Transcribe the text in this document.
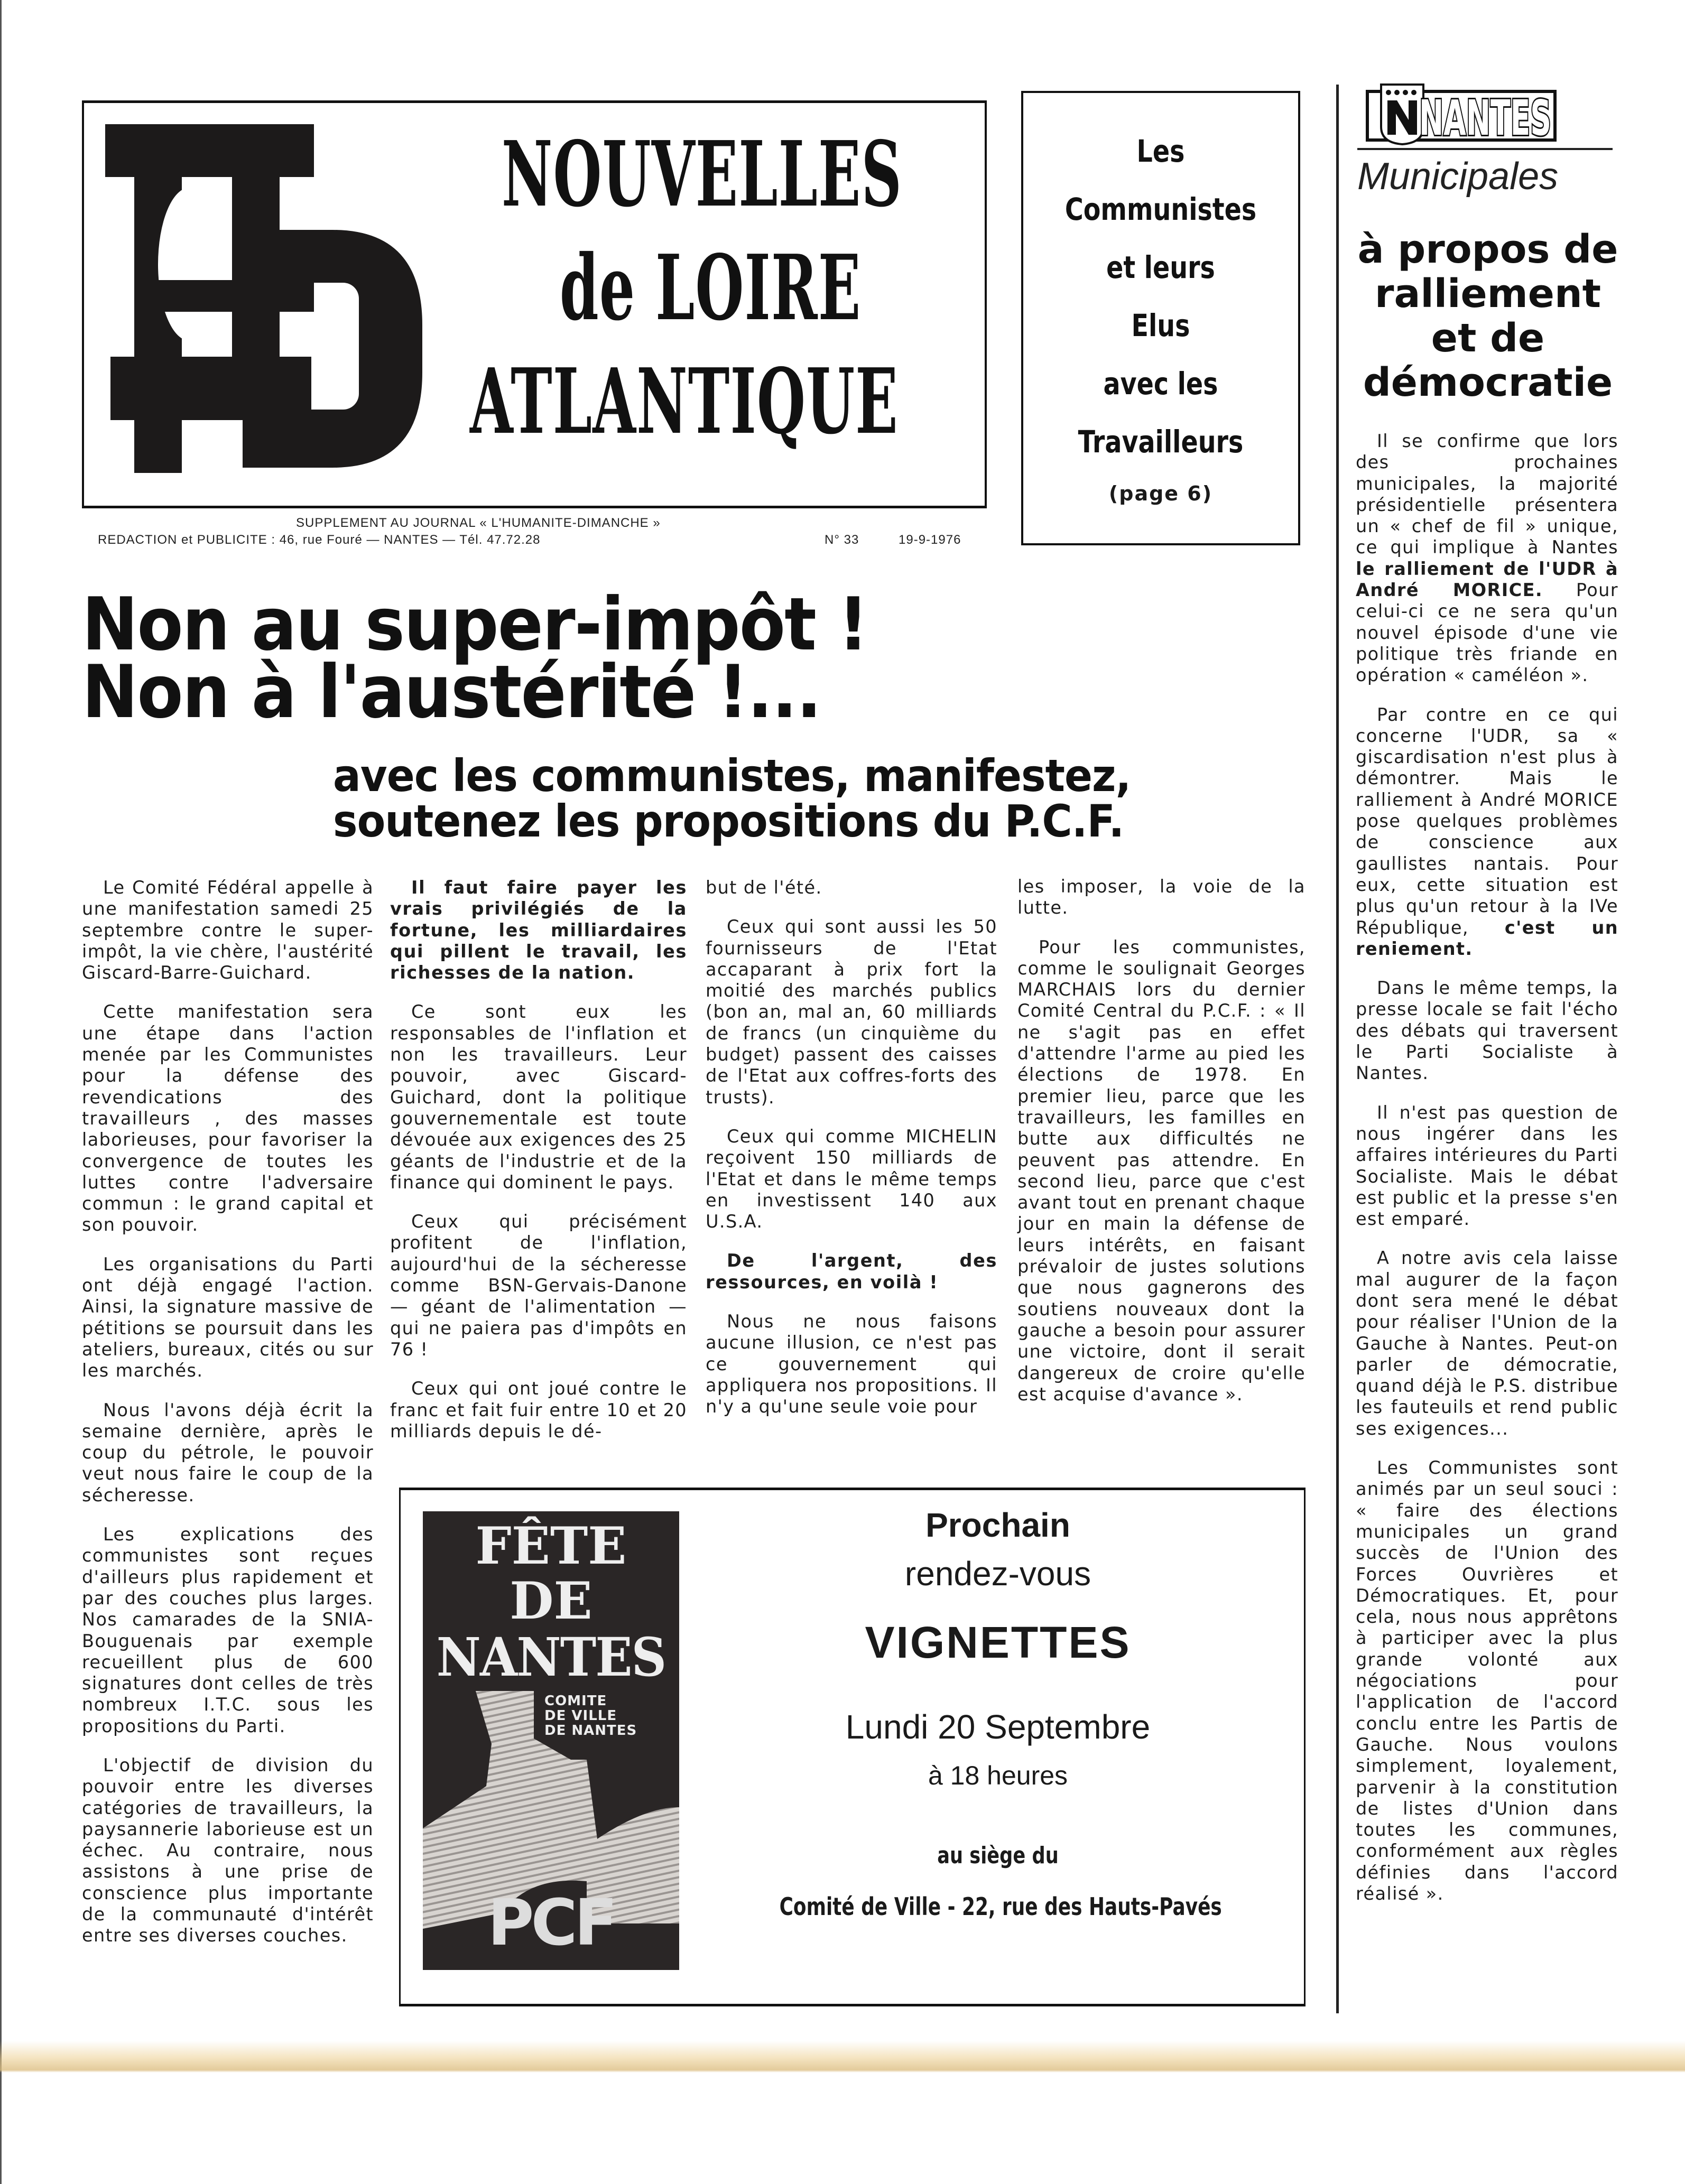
NOUVELLES
de LOIRE
ATLANTIQUE
SUPPLEMENT AU JOURNAL « L'HUMANITE-DIMANCHE »
REDACTION et PUBLICITE : 46, rue Fouré — NANTES — Tél. 47.72.28	N° 33	19-9-1976
Les
Communistes
et leurs
Elus
avec les
Travailleurs
(page 6)
NANTES
Municipales
à propos de
ralliement
et de
démocratie

Il se confirme que lors des prochaines municipales, la majorité présidentielle présentera un « chef de fil » unique, ce qui implique à Nantes le ralliement de l'UDR à André MORICE. Pour celui-ci ce ne sera qu'un nouvel épisode d'une vie politique très friande en opération « caméléon ».

Par contre en ce qui concerne l'UDR, sa « giscardisation n'est plus à démontrer. Mais le ralliement à André MORICE pose quelques problèmes de conscience aux gaullistes nantais. Pour eux, cette situation est plus qu'un retour à la IVe République, c'est un reniement.

Dans le même temps, la presse locale se fait l'écho des débats qui traversent le Parti Socialiste à Nantes.

Il n'est pas question de nous ingérer dans les affaires intérieures du Parti Socialiste. Mais le débat est public et la presse s'en est emparé.

A notre avis cela laisse mal augurer de la façon dont sera mené le débat pour réaliser l'Union de la Gauche à Nantes. Peut-on parler de démocratie, quand déjà le P.S. distribue les fauteuils et rend public ses exigences...

Les Communistes sont animés par un seul souci : « faire des élections municipales un grand succès de l'Union des Forces Ouvrières et Démocratiques. Et, pour cela, nous nous apprêtons à participer avec la plus grande volonté aux négociations pour l'application de l'accord conclu entre les Partis de Gauche. Nous voulons simplement, loyalement, parvenir à la constitution de listes d'Union dans toutes les communes, conformément aux règles définies dans l'accord réalisé ».

Non au super-impôt !
Non à l'austérité !...
avec les communistes, manifestez,
soutenez les propositions du P.C.F.

Le Comité Fédéral appelle à une manifestation samedi 25 septembre contre le super-impôt, la vie chère, l'austérité Giscard-Barre-Guichard.

Cette manifestation sera une étape dans l'action menée par les Communistes pour la défense des revendications des travailleurs , des masses laborieuses, pour favoriser la convergence de toutes les luttes contre l'adversaire commun : le grand capital et son pouvoir.

Les organisations du Parti ont déjà engagé l'action. Ainsi, la signature massive de pétitions se poursuit dans les ateliers, bureaux, cités ou sur les marchés.

Nous l'avons déjà écrit la semaine dernière, après le coup du pétrole, le pouvoir veut nous faire le coup de la sécheresse.

Les explications des communistes sont reçues d'ailleurs plus rapidement et par des couches plus larges. Nos camarades de la SNIA-Bouguenais par exemple recueillent plus de 600 signatures dont celles de très nombreux I.T.C. sous les propositions du Parti.

L'objectif de division du pouvoir entre les diverses catégories de travailleurs, la paysannerie laborieuse est un échec. Au contraire, nous assistons à une prise de conscience plus importante de la communauté d'intérêt entre ses diverses couches.

Il faut faire payer les vrais privilégiés de la fortune, les milliardaires qui pillent le travail, les richesses de la nation.

Ce sont eux les responsables de l'inflation et non les travailleurs. Leur pouvoir, avec Giscard-Guichard, dont la politique gouvernementale est toute dévouée aux exigences des 25 géants de l'industrie et de la finance qui dominent le pays.

Ceux qui précisément profitent de l'inflation, aujourd'hui de la sécheresse comme BSN-Gervais-Danone — géant de l'alimentation — qui ne paiera pas d'impôts en 76 !

Ceux qui ont joué contre le franc et fait fuir entre 10 et 20 milliards depuis le dé-

but de l'été.

Ceux qui sont aussi les 50 fournisseurs de l'Etat accaparant à prix fort la moitié des marchés publics (bon an, mal an, 60 milliards de francs (un cinquième du budget) passent des caisses de l'Etat aux coffres-forts des trusts).

Ceux qui comme MICHELIN reçoivent 150 milliards de l'Etat et dans le même temps en investissent 140 aux U.S.A.

De l'argent, des ressources, en voilà !

Nous ne nous faisons aucune illusion, ce n'est pas ce gouvernement qui appliquera nos propositions. Il n'y a qu'une seule voie pour

les imposer, la voie de la lutte.

Pour les communistes, comme le soulignait Georges MARCHAIS lors du dernier Comité Central du P.C.F. : « Il ne s'agit pas en effet d'attendre l'arme au pied les élections de 1978. En premier lieu, parce que les travailleurs, les familles en butte aux difficultés ne peuvent pas attendre. En second lieu, parce que c'est avant tout en prenant chaque jour en main la défense de leurs intérêts, en faisant prévaloir de justes solutions que nous gagnerons des soutiens nouveaux dont la gauche a besoin pour assurer une victoire, dont il serait dangereux de croire qu'elle est acquise d'avance ».

FÊTE
DE
NANTES
COMITE
DE VILLE
DE NANTES
PCF
Prochain
rendez-vous
VIGNETTES
Lundi 20 Septembre
à 18 heures
au siège du
Comité de Ville - 22, rue des Hauts-Pavés
